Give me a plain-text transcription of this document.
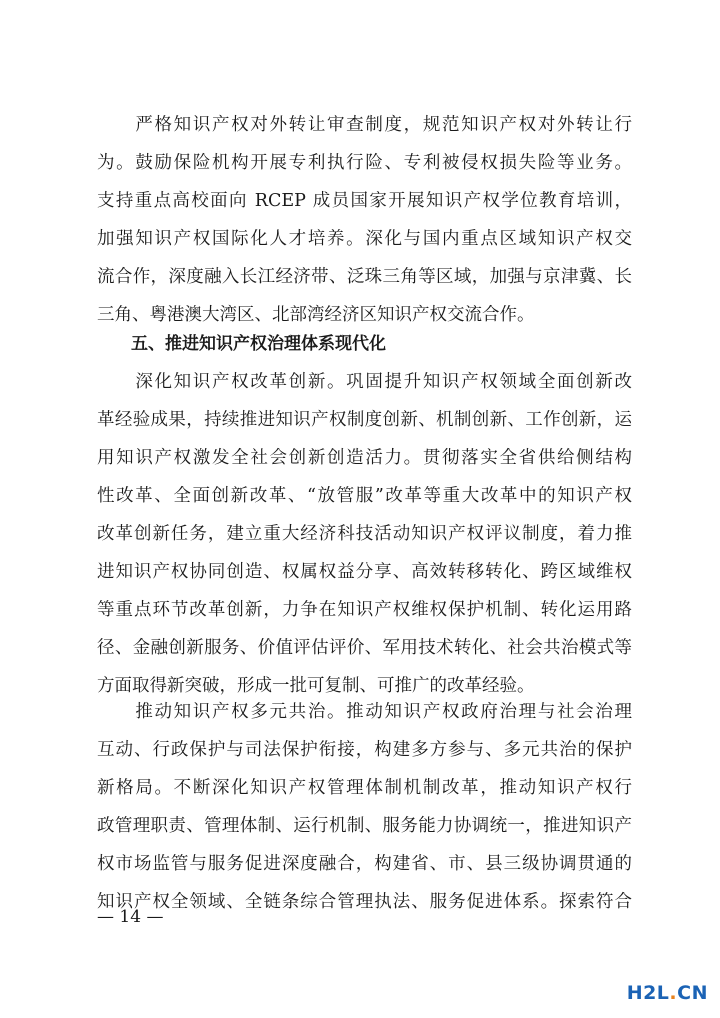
　　严格知识产权对外转让审查制度，规范知识产权对外转让行
为。鼓励保险机构开展专利执行险、专利被侵权损失险等业务。
支持重点高校面向 RCEP 成员国家开展知识产权学位教育培训，
加强知识产权国际化人才培养。深化与国内重点区域知识产权交
流合作，深度融入长江经济带、泛珠三角等区域，加强与京津冀、长
三角、粤港澳大湾区、北部湾经济区知识产权交流合作。
　　五、推进知识产权治理体系现代化
　　深化知识产权改革创新。巩固提升知识产权领域全面创新改
革经验成果，持续推进知识产权制度创新、机制创新、工作创新，运
用知识产权激发全社会创新创造活力。贯彻落实全省供给侧结构
性改革、全面创新改革、“放管服”改革等重大改革中的知识产权
改革创新任务，建立重大经济科技活动知识产权评议制度，着力推
进知识产权协同创造、权属权益分享、高效转移转化、跨区域维权
等重点环节改革创新，力争在知识产权维权保护机制、转化运用路
径、金融创新服务、价值评估评价、军用技术转化、社会共治模式等
方面取得新突破，形成一批可复制、可推广的改革经验。
　　推动知识产权多元共治。推动知识产权政府治理与社会治理
互动、行政保护与司法保护衔接，构建多方参与、多元共治的保护
新格局。不断深化知识产权管理体制机制改革，推动知识产权行
政管理职责、管理体制、运行机制、服务能力协调统一，推进知识产
权市场监管与服务促进深度融合，构建省、市、县三级协调贯通的
知识产权全领域、全链条综合管理执法、服务促进体系。探索符合
— 14 —
H2L.CN
